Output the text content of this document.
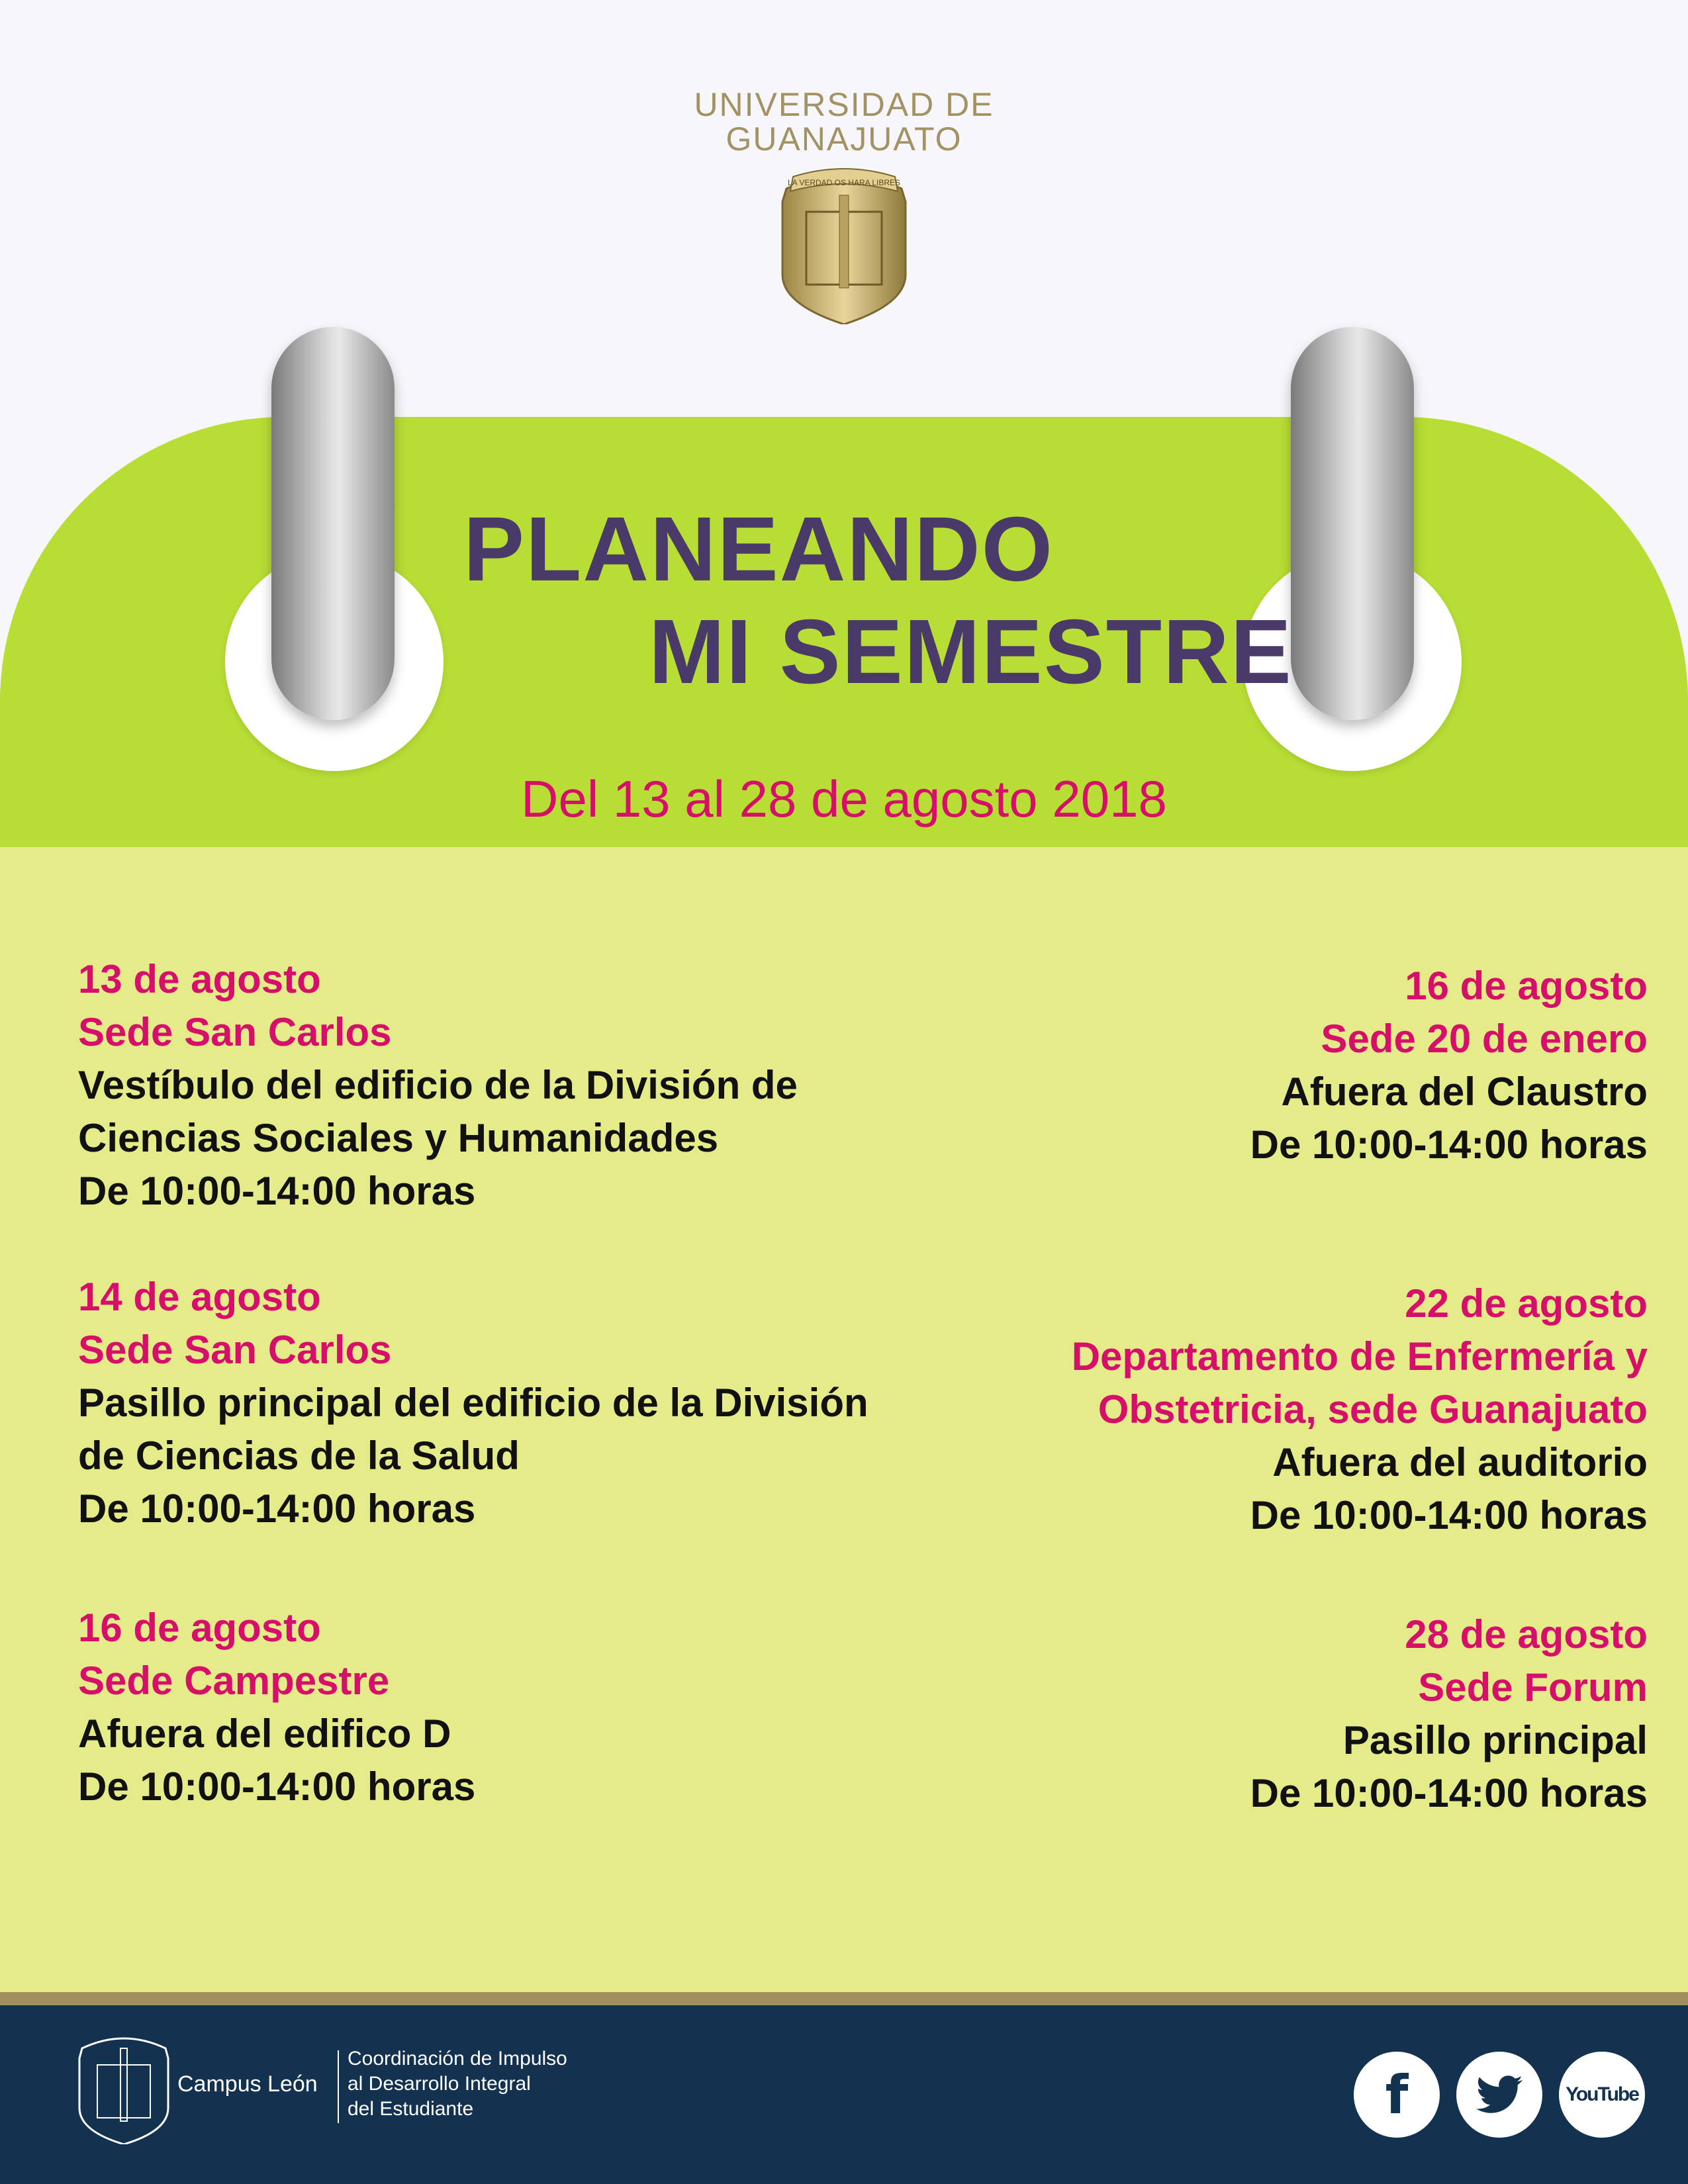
UNIVERSIDAD DE
GUANAJUATO
LA VERDAD OS HARA LIBRES
PLANEANDO
MI SEMESTRE
Del 13 al 28 de agosto 2018
13 de agosto
Sede San Carlos
Vestíbulo del edificio de la División de
Ciencias Sociales y Humanidades
De 10:00-14:00 horas
14 de agosto
Sede San Carlos
Pasillo principal del edificio de la División
de Ciencias de la Salud
De 10:00-14:00 horas
16 de agosto
Sede Campestre
Afuera del edifico D
De 10:00-14:00 horas
16 de agosto
Sede 20 de enero
Afuera del Claustro
De 10:00-14:00 horas
22 de agosto
Departamento de Enfermería y
Obstetricia, sede Guanajuato
Afuera del auditorio
De 10:00-14:00 horas
28 de agosto
Sede Forum
Pasillo principal
De 10:00-14:00 horas
Campus León
Coordinación de Impulso
al Desarrollo Integral
del Estudiante	f	YouTube
